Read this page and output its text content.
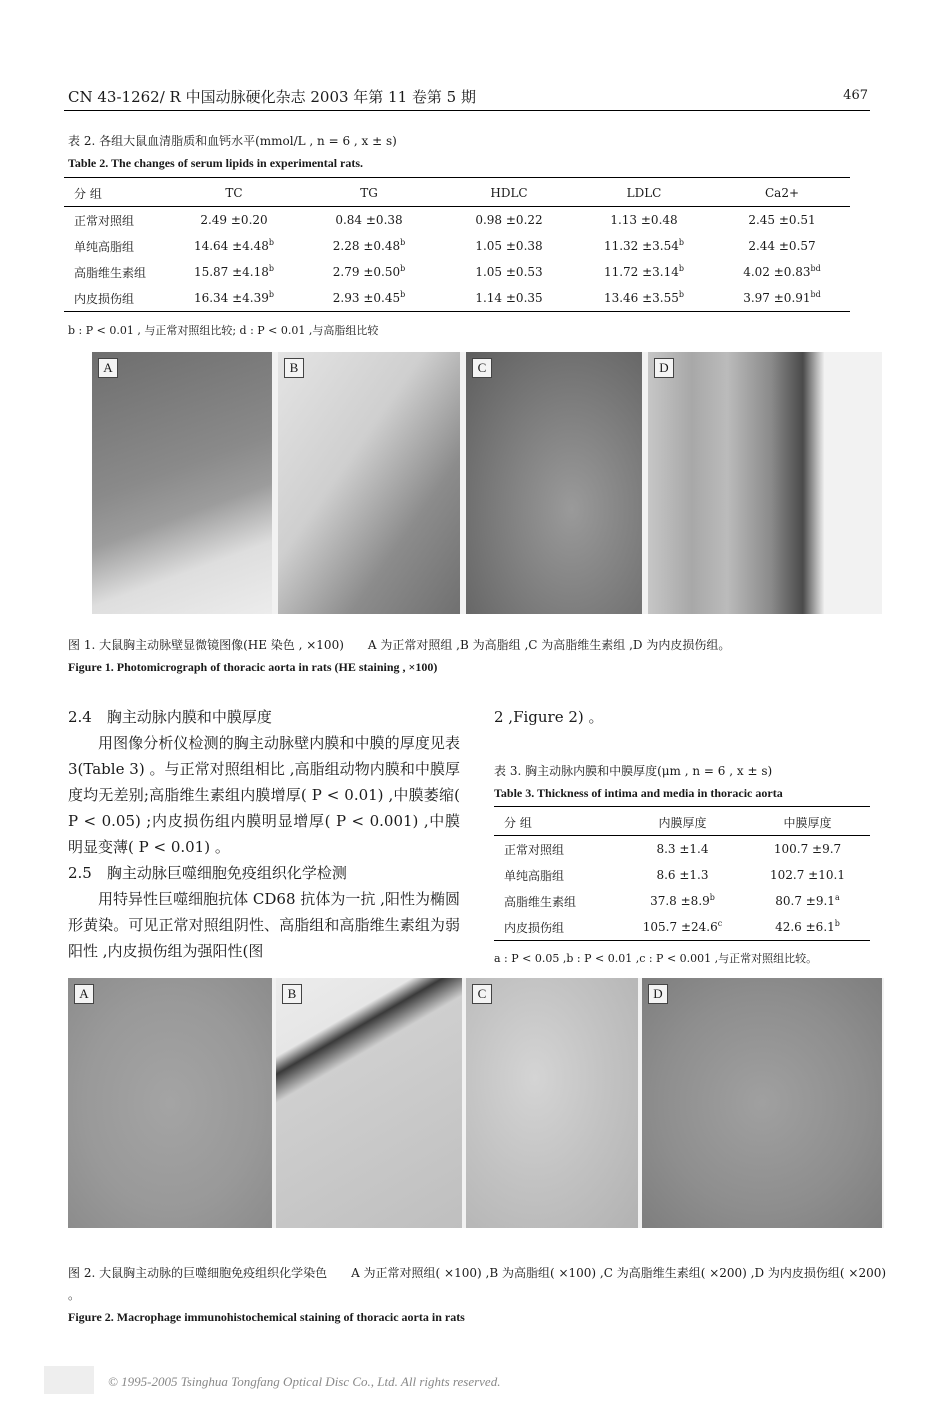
CN 43-1262/ R 中国动脉硬化杂志 2003 年第 11 卷第 5 期	467
表 2. 各组大鼠血清脂质和血钙水平(mmol/L , n = 6 , x ± s)
Table 2. The changes of serum lipids in experimental rats.
分 组	TC	TG	HDLC	LDLC	Ca2+

正常对照组	2.49 ±0.20	0.84 ±0.38	0.98 ±0.22	1.13 ±0.48	2.45 ±0.51
单纯高脂组	14.64 ±4.48$^b$	2.28 ±0.48$^b$	1.05 ±0.38	11.32 ±3.54$^b$	2.44 ±0.57
高脂维生素组	15.87 ±4.18$^b$	2.79 ±0.50$^b$	1.05 ±0.53	11.72 ±3.14$^b$	4.02 ±0.83$^{bd}$
内皮损伤组	16.34 ±4.39$^b$	2.93 ±0.45$^b$	1.14 ±0.35	13.46 ±3.55$^b$	3.97 ±0.91$^{bd}$

b : P < 0.01 , 与正常对照组比较; d : P < 0.01 ,与高脂组比较
A	B	C	D
图 1. 大鼠胸主动脉壁显微镜图像(HE 染色 , ×100)　　A 为正常对照组 ,B 为高脂组 ,C 为高脂维生素组 ,D 为内皮损伤组。
Figure 1. Photomicrograph of thoracic aorta in rats (HE staining , ×100)

2.4　胸主动脉内膜和中膜厚度

用图像分析仪检测的胸主动脉壁内膜和中膜的厚度见表 3(Table 3) 。与正常对照组相比 ,高脂组动物内膜和中膜厚度均无差别;高脂维生素组内膜增厚( P < 0.01) ,中膜萎缩( P < 0.05) ;内皮损伤组内膜明显增厚( P < 0.001) ,中膜明显变薄( P < 0.01) 。

2.5　胸主动脉巨噬细胞免疫组织化学检测

用特异性巨噬细胞抗体 CD68 抗体为一抗 ,阳性为椭圆形黄染。可见正常对照组阴性、高脂组和高脂维生素组为弱阳性 ,内皮损伤组为强阳性(图

2 ,Figure 2) 。
表 3. 胸主动脉内膜和中膜厚度(μm , n = 6 , x ± s)
Table 3. Thickness of intima and media in thoracic aorta
分 组	内膜厚度	中膜厚度

正常对照组	8.3 ±1.4	100.7 ±9.7
单纯高脂组	8.6 ±1.3	102.7 ±10.1
高脂维生素组	37.8 ±8.9$^b$	80.7 ±9.1$^a$
内皮损伤组	105.7 ±24.6$^c$	42.6 ±6.1$^b$

a : P < 0.05 ,b : P < 0.01 ,c : P < 0.001 ,与正常对照组比较。
A	B	C	D
图 2. 大鼠胸主动脉的巨噬细胞免疫组织化学染色　　A 为正常对照组( ×100) ,B 为高脂组( ×100) ,C 为高脂维生素组( ×200) ,D 为内皮损伤组( ×200) 。
Figure 2. Macrophage immunohistochemical staining of thoracic aorta in rats
© 1995-2005 Tsinghua Tongfang Optical Disc Co., Ltd. All rights reserved.
